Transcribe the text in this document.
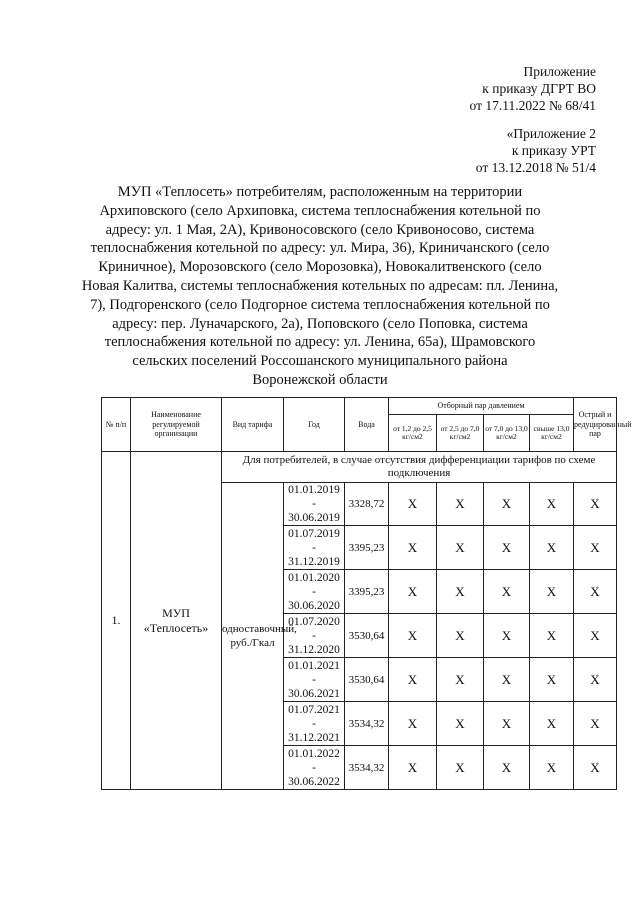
Приложение
к приказу ДГРТ ВО
от 17.11.2022 № 68/41
«Приложение 2
к приказу УРТ
от 13.12.2018 № 51/4
МУП «Теплосеть» потребителям, расположенным на территории
Архиповского (село Архиповка, система теплоснабжения котельной по
адресу: ул. 1 Мая, 2А), Кривоносовского (село Кривоносово, система
теплоснабжения котельной по адресу: ул. Мира, 36), Криничанского (село
Криничное), Морозовского (село Морозовка), Новокалитвенского (село
Новая Калитва, системы теплоснабжения котельных по адресам: пл. Ленина,
7), Подгоренского (село Подгорное система теплоснабжения котельной по
адресу: пер. Луначарского, 2а), Поповского (село Поповка, система
теплоснабжения котельной по адресу: ул. Ленина, 65а), Шрамовского
сельских поселений Россошанского муниципального района
Воронежской области
№ п/п	Наименование регулируемой организации	Вид тарифа	Год	Вода	Отборный пар давлением				Острый и редуцированный пар
					от 1,2 до 2,5 кг/см2	от 2,5 до 7,0 кг/см2	от 7,0 до 13,0 кг/см2	свыше 13,0 кг/см2	
1.	МУП «Теплосеть»	Для потребителей, в случае отсутствия дифференциации тарифов по схеме подключения							
		одноставочный, руб./Гкал	01.01.2019
-
30.06.2019	3328,72	X	X	X	X	X

			01.07.2019
-
31.12.2019	3395,23	X	X	X	X	X

			01.01.2020
-
30.06.2020	3395,23	X	X	X	X	X

			01.07.2020
-
31.12.2020	3530,64	X	X	X	X	X

			01.01.2021
-
30.06.2021	3530,64	X	X	X	X	X

			01.07.2021
-
31.12.2021	3534,32	X	X	X	X	X

			01.01.2022
-
30.06.2022	3534,32	X	X	X	X	X
